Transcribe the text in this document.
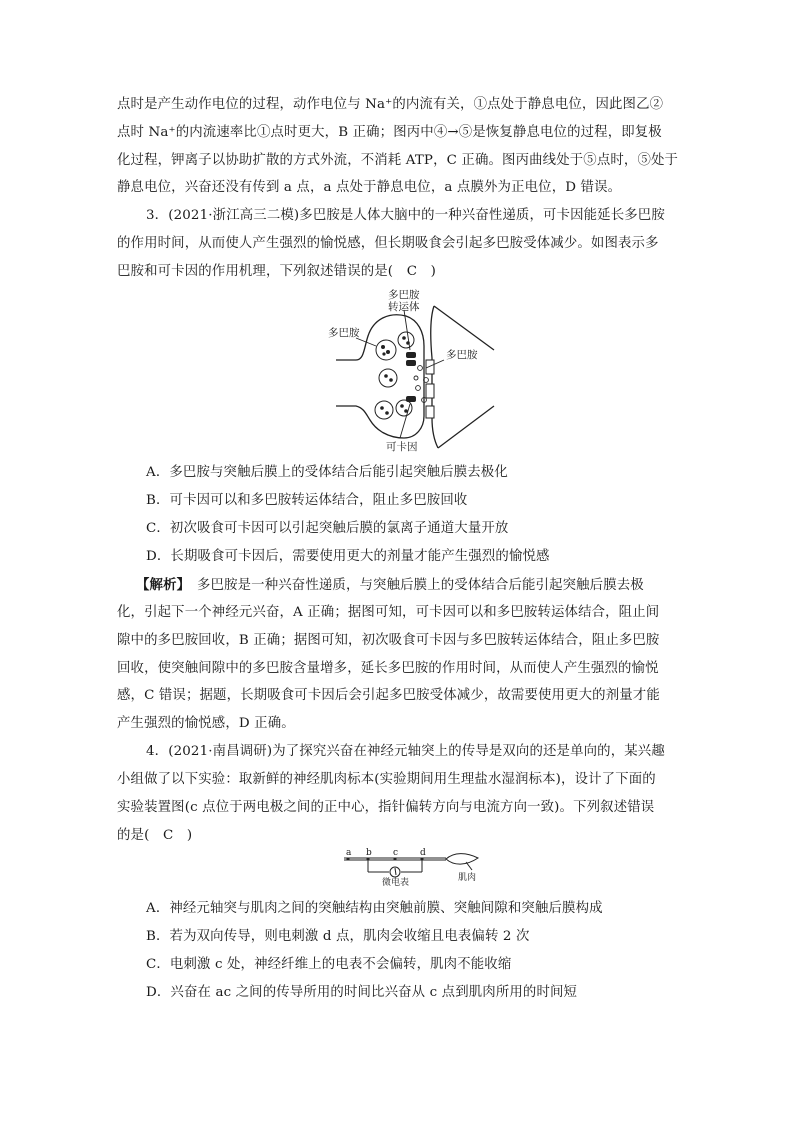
点时是产生动作电位的过程，动作电位与 Na⁺的内流有关，①点处于静息电位，因此图乙②
点时 Na⁺的内流速率比①点时更大，B 正确；图丙中④→⑤是恢复静息电位的过程，即复极
化过程，钾离子以协助扩散的方式外流，不消耗 ATP，C 正确。图丙曲线处于⑤点时，⑤处于
静息电位，兴奋还没有传到 a 点，a 点处于静息电位，a 点膜外为正电位，D 错误。
3．(2021·浙江高三二模)多巴胺是人体大脑中的一种兴奋性递质，可卡因能延长多巴胺
的作用时间，从而使人产生强烈的愉悦感，但长期吸食会引起多巴胺受体减少。如图表示多
巴胺和可卡因的作用机理，下列叙述错误的是(　C　)
多巴胺
转运体
多巴胺
多巴胺
可卡因
A．多巴胺与突触后膜上的受体结合后能引起突触后膜去极化
B．可卡因可以和多巴胺转运体结合，阻止多巴胺回收
C．初次吸食可卡因可以引起突触后膜的氯离子通道大量开放
D．长期吸食可卡因后，需要使用更大的剂量才能产生强烈的愉悦感
【解析】　多巴胺是一种兴奋性递质，与突触后膜上的受体结合后能引起突触后膜去极
化，引起下一个神经元兴奋，A 正确；据图可知，可卡因可以和多巴胺转运体结合，阻止间
隙中的多巴胺回收，B 正确；据图可知，初次吸食可卡因与多巴胺转运体结合，阻止多巴胺
回收，使突触间隙中的多巴胺含量增多，延长多巴胺的作用时间，从而使人产生强烈的愉悦
感，C 错误；据题，长期吸食可卡因后会引起多巴胺受体减少，故需要使用更大的剂量才能
产生强烈的愉悦感，D 正确。
4．(2021·南昌调研)为了探究兴奋在神经元轴突上的传导是双向的还是单向的，某兴趣
小组做了以下实验：取新鲜的神经肌肉标本(实验期间用生理盐水湿润标本)，设计了下面的
实验装置图(c 点位于两电极之间的正中心，指针偏转方向与电流方向一致)。下列叙述错误
的是(　C　)
a b c d
微电表	肌肉
A．神经元轴突与肌肉之间的突触结构由突触前膜、突触间隙和突触后膜构成
B．若为双向传导，则电刺激 d 点，肌肉会收缩且电表偏转 2 次
C．电刺激 c 处，神经纤维上的电表不会偏转，肌肉不能收缩
D．兴奋在 ac 之间的传导所用的时间比兴奋从 c 点到肌肉所用的时间短
